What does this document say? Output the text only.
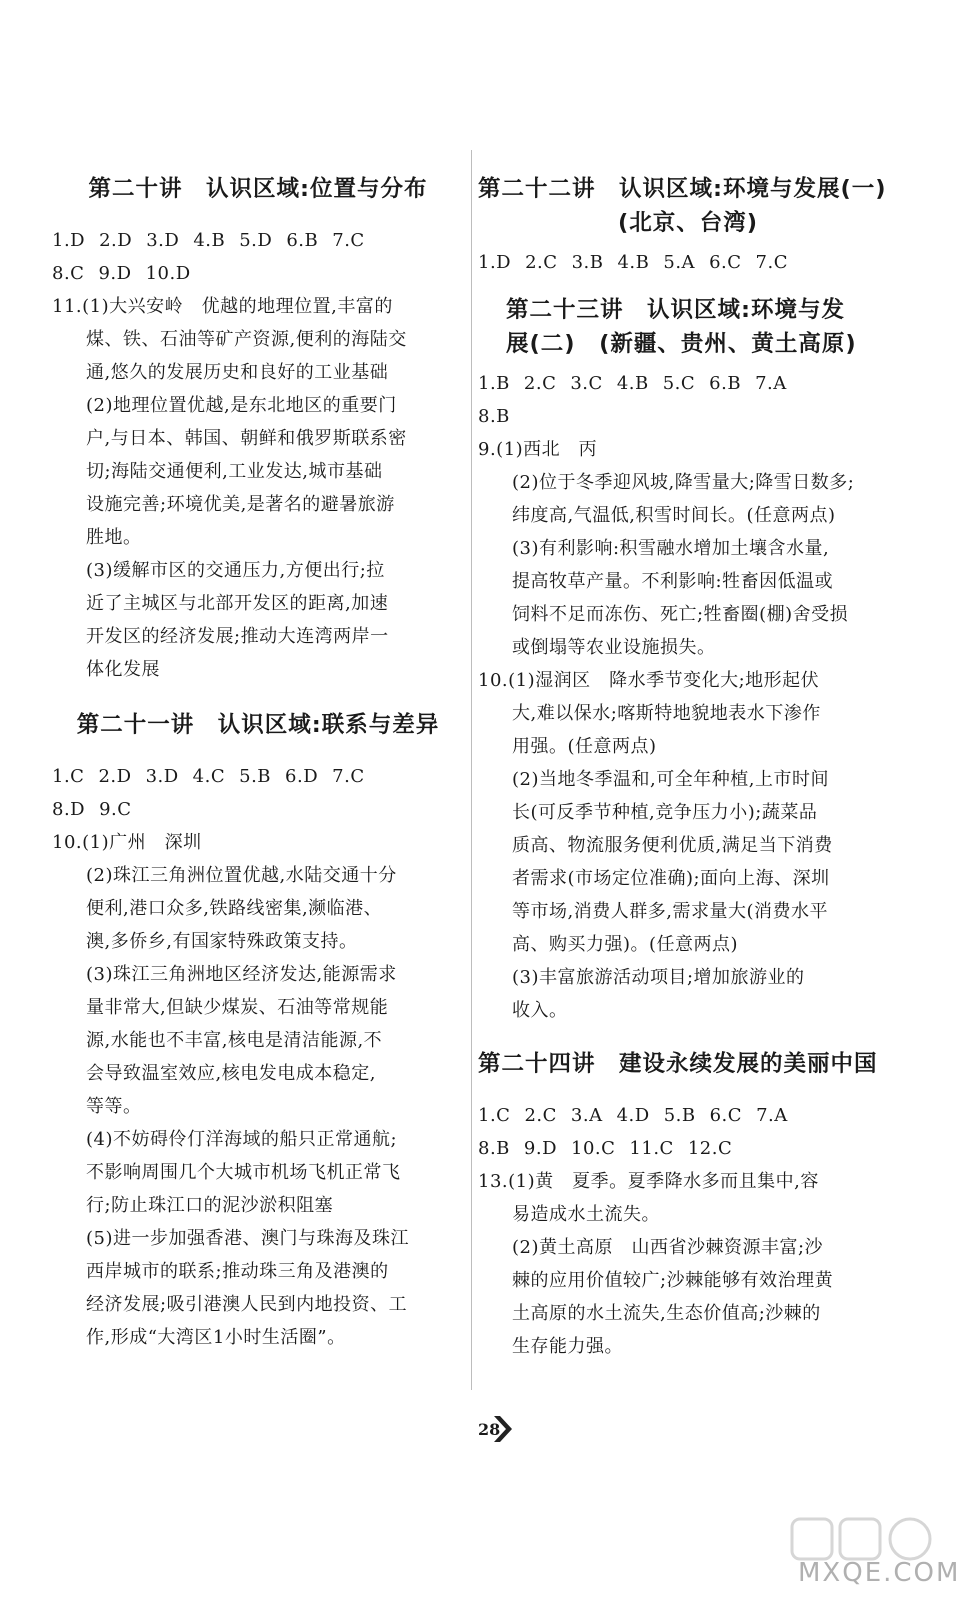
第二十讲　认识区域:位置与分布
1.D 2.D 3.D 4.B 5.D 6.B 7.C
8.C 9.D 10.D
11.(1)大兴安岭　优越的地理位置,丰富的
煤、铁、石油等矿产资源,便利的海陆交
通,悠久的发展历史和良好的工业基础
(2)地理位置优越,是东北地区的重要门
户,与日本、韩国、朝鲜和俄罗斯联系密
切;海陆交通便利,工业发达,城市基础
设施完善;环境优美,是著名的避暑旅游
胜地。
(3)缓解市区的交通压力,方便出行;拉
近了主城区与北部开发区的距离,加速
开发区的经济发展;推动大连湾两岸一
体化发展
第二十一讲　认识区域:联系与差异
1.C 2.D 3.D 4.C 5.B 6.D 7.C
8.D 9.C
10.(1)广州　深圳
(2)珠江三角洲位置优越,水陆交通十分
便利,港口众多,铁路线密集,濒临港、
澳,多侨乡,有国家特殊政策支持。
(3)珠江三角洲地区经济发达,能源需求
量非常大,但缺少煤炭、石油等常规能
源,水能也不丰富,核电是清洁能源,不
会导致温室效应,核电发电成本稳定,
等等。
(4)不妨碍伶仃洋海域的船只正常通航;
不影响周围几个大城市机场飞机正常飞
行;防止珠江口的泥沙淤积阻塞
(5)进一步加强香港、澳门与珠海及珠江
西岸城市的联系;推动珠三角及港澳的
经济发展;吸引港澳人民到内地投资、工
作,形成“大湾区1小时生活圈”。
第二十二讲　认识区域:环境与发展(一)
(北京、台湾)
1.D 2.C 3.B 4.B 5.A 6.C 7.C
第二十三讲　认识区域:环境与发
展(二)　(新疆、贵州、黄土高原)
1.B 2.C 3.C 4.B 5.C 6.B 7.A
8.B
9.(1)西北　丙
(2)位于冬季迎风坡,降雪量大;降雪日数多;
纬度高,气温低,积雪时间长。(任意两点)
(3)有利影响:积雪融水增加土壤含水量,
提高牧草产量。不利影响:牲畜因低温或
饲料不足而冻伤、死亡;牲畜圈(棚)舍受损
或倒塌等农业设施损失。
10.(1)湿润区　降水季节变化大;地形起伏
大,难以保水;喀斯特地貌地表水下渗作
用强。(任意两点)
(2)当地冬季温和,可全年种植,上市时间
长(可反季节种植,竞争压力小);蔬菜品
质高、物流服务便利优质,满足当下消费
者需求(市场定位准确);面向上海、深圳
等市场,消费人群多,需求量大(消费水平
高、购买力强)。(任意两点)
(3)丰富旅游活动项目;增加旅游业的
收入。
第二十四讲　建设永续发展的美丽中国
1.C 2.C 3.A 4.D 5.B 6.C 7.A
8.B 9.D 10.C 11.C 12.C
13.(1)黄　夏季。夏季降水多而且集中,容
易造成水土流失。
(2)黄土高原　山西省沙棘资源丰富;沙
棘的应用价值较广;沙棘能够有效治理黄
土高原的水土流失,生态价值高;沙棘的
生存能力强。
28
MXQE.COM
